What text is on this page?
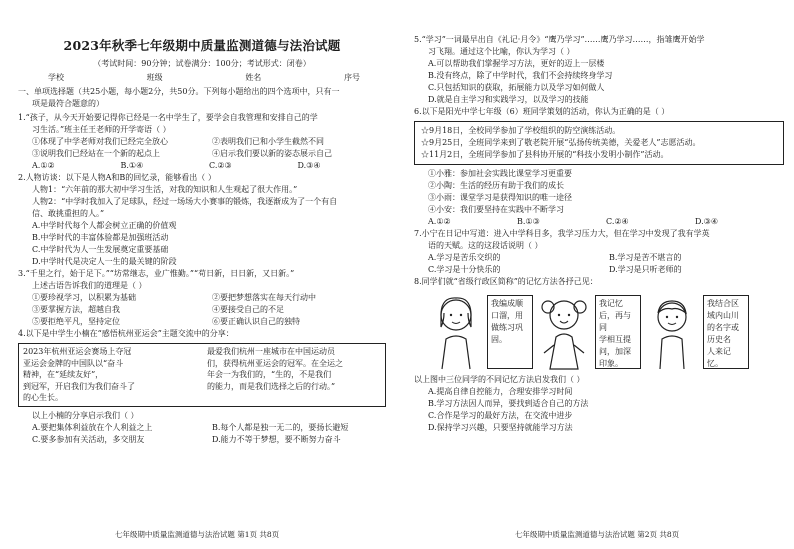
2023年秋季七年级期中质量监测道德与法治试题
（考试时间：90分钟；试卷满分：100分；考试形式：闭卷）
学校	班级	姓名	序号

一、单项选择题（共25小题，每小题2分，共50分。下列每小题给出的四个选项中，只有一

项是最符合题意的）

1.“孩子，从今天开始要记得你已经是一名中学生了，要学会自我管理和安排自己的学

习生活。”班主任王老师的开学寄语（ ）

①体现了中学老师对我们已经完全放心	②表明我们已和小学生截然不同
③说明我们已经站在一个新的起点上	④启示我们要以新的姿态展示自己
A.①②	B.①④	C.②③	D.③④

2.人物访谈：以下是人物A和B的回忆录，能够看出（ ）

人物1：“六年前的那大初中学习生活，对我的知识和人生观起了很大作用。”

人物2：“中学时我加入了足球队，经过一场场大小赛事的锻炼，我逐渐成为了一个有自

信、敢挑重担的人。”

A.中学时代每个人都会树立正确的价值观

B.中学时代的丰富体验都是加强班活动

C.中学时代为人一生发展奠定重要基础

D.中学时代是决定人一生的最关键的阶段

3.“千里之行，始于足下。”“坊常继志，业广惟勤。”“苟日新，日日新，又日新。”

上述古语告诉我们的道理是（ ）

①要珍视学习，以积累为基础	②要把梦想落实在每天行动中
③要掌握方法，超越自我	④要接受自己的不足
⑤要拒绝平凡，坚持定位	⑥要正确认识自己的独特

4.以下是中学生小楠在“感悟杭州亚运会”主题交流中的分享：

2023年杭州亚运会赛场上夺冠

亚运会金牌的中国队以“奋斗

精神，在“延续友好”，

到冠军，开启我们为我们奋斗了

的心生长。

最爱我们杭州一座城市在中国运动员

们，获得杭州亚运会的冠军。在全运之

年会一为我们的，“生的，不是我们

的能力，而是我们选择之后的行动。”

以上小楠的分享启示我们（ ）

A.要把集体利益放在个人利益之上	B.每个人都是独一无二的，要扬长避短
C.要多参加有关活动，多交朋友	D.能力不等于梦想，要不断努力奋斗
七年级期中质量监测道德与法治试题 第1页 共8页

5.“学习”一词最早出自《礼记·月令》“鹰乃学习”……鹰乃学习……，指雏鹰开始学

习飞翔。通过这个比喻，你认为学习（ ）

A.可以帮助我们掌握学习方法，更好的迈上一层楼

B.没有终点，除了中学时代，我们不会持续终身学习

C.只包括知识的获取，拓展能力以及学习如何做人

D.就是自主学习和实践学习，以及学习的技能

6.以下是阳光中学七年级（6）班同学策划的活动，你认为正确的是（ ）

☆9月18日，全校同学参加了学校组织的防空演练活动。

☆9月25日，全班同学来到了敬老院开展“弘扬传统美德，关爱老人”志愿活动。

☆11月2日，全班同学参加了县科协开展的“科技小发明小制作”活动。

①小雅：参加社会实践比课堂学习更重要

②小陶：生活的经历有助于我们的成长

③小雨：课堂学习是获得知识的唯一途径

④小安：我们要坚持在实践中不断学习

A.①②	B.①③	C.②④	D.③④

7.小宁在日记中写道：进入中学科目多，我学习压力大，但在学习中发现了我有学英

语的天赋。这的这段话说明（ ）

A.学习是苦乐交织的	B.学习是苦不堪言的
C.学习是十分快乐的	D.学习是只听老师的

8.同学们就“省级行政区简称”的记忆方法各抒己见：

我编成顺口溜，用

做练习巩固。

我记忆后，再与同

学相互提问，加深

印象。

我结合区域内山川

的名字或历史名

人来记忆。

以上图中三位同学的不同记忆方法启发我们（ ）

A.提高自律自控能力，合理安排学习时间

B.学习方法因人而异，要找到适合自己的方法

C.合作是学习的最好方法，在交流中进步

D.保持学习兴趣，只要坚持就能学习方法

七年级期中质量监测道德与法治试题 第2页 共8页
